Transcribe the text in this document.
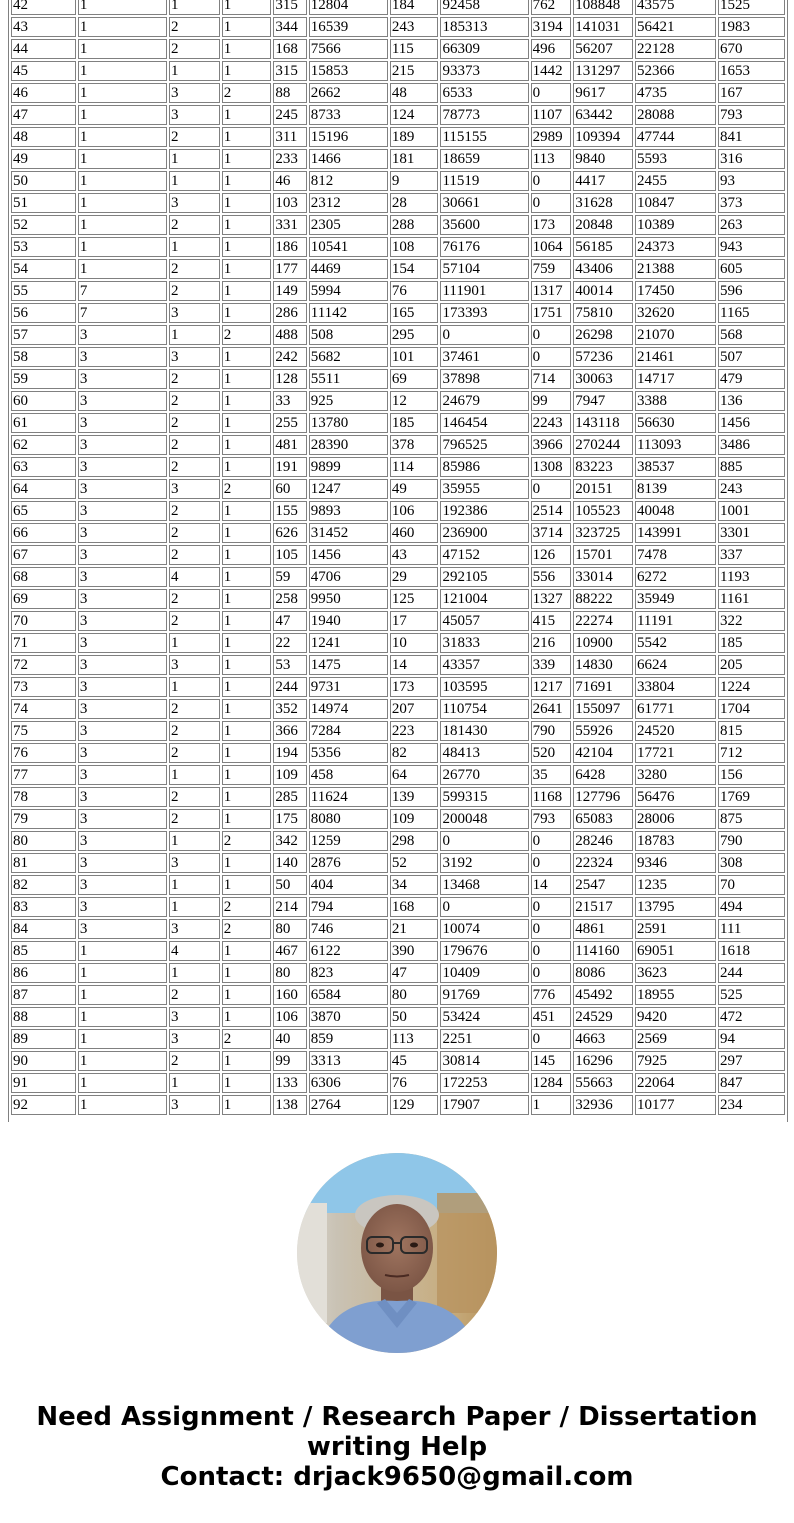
42	1	1	1	315	12804	184	92458	762	108848	43575	1525
43	1	2	1	344	16539	243	185313	3194	141031	56421	1983
44	1	2	1	168	7566	115	66309	496	56207	22128	670
45	1	1	1	315	15853	215	93373	1442	131297	52366	1653
46	1	3	2	88	2662	48	6533	0	9617	4735	167
47	1	3	1	245	8733	124	78773	1107	63442	28088	793
48	1	2	1	311	15196	189	115155	2989	109394	47744	841
49	1	1	1	233	1466	181	18659	113	9840	5593	316
50	1	1	1	46	812	9	11519	0	4417	2455	93
51	1	3	1	103	2312	28	30661	0	31628	10847	373
52	1	2	1	331	2305	288	35600	173	20848	10389	263
53	1	1	1	186	10541	108	76176	1064	56185	24373	943
54	1	2	1	177	4469	154	57104	759	43406	21388	605
55	7	2	1	149	5994	76	111901	1317	40014	17450	596
56	7	3	1	286	11142	165	173393	1751	75810	32620	1165
57	3	1	2	488	508	295	0	0	26298	21070	568
58	3	3	1	242	5682	101	37461	0	57236	21461	507
59	3	2	1	128	5511	69	37898	714	30063	14717	479
60	3	2	1	33	925	12	24679	99	7947	3388	136
61	3	2	1	255	13780	185	146454	2243	143118	56630	1456
62	3	2	1	481	28390	378	796525	3966	270244	113093	3486
63	3	2	1	191	9899	114	85986	1308	83223	38537	885
64	3	3	2	60	1247	49	35955	0	20151	8139	243
65	3	2	1	155	9893	106	192386	2514	105523	40048	1001
66	3	2	1	626	31452	460	236900	3714	323725	143991	3301
67	3	2	1	105	1456	43	47152	126	15701	7478	337
68	3	4	1	59	4706	29	292105	556	33014	6272	1193
69	3	2	1	258	9950	125	121004	1327	88222	35949	1161
70	3	2	1	47	1940	17	45057	415	22274	11191	322
71	3	1	1	22	1241	10	31833	216	10900	5542	185
72	3	3	1	53	1475	14	43357	339	14830	6624	205
73	3	1	1	244	9731	173	103595	1217	71691	33804	1224
74	3	2	1	352	14974	207	110754	2641	155097	61771	1704
75	3	2	1	366	7284	223	181430	790	55926	24520	815
76	3	2	1	194	5356	82	48413	520	42104	17721	712
77	3	1	1	109	458	64	26770	35	6428	3280	156
78	3	2	1	285	11624	139	599315	1168	127796	56476	1769
79	3	2	1	175	8080	109	200048	793	65083	28006	875
80	3	1	2	342	1259	298	0	0	28246	18783	790
81	3	3	1	140	2876	52	3192	0	22324	9346	308
82	3	1	1	50	404	34	13468	14	2547	1235	70
83	3	1	2	214	794	168	0	0	21517	13795	494
84	3	3	2	80	746	21	10074	0	4861	2591	111
85	1	4	1	467	6122	390	179676	0	114160	69051	1618
86	1	1	1	80	823	47	10409	0	8086	3623	244
87	1	2	1	160	6584	80	91769	776	45492	18955	525
88	1	3	1	106	3870	50	53424	451	24529	9420	472
89	1	3	2	40	859	113	2251	0	4663	2569	94
90	1	2	1	99	3313	45	30814	145	16296	7925	297
91	1	1	1	133	6306	76	172253	1284	55663	22064	847
92	1	3	1	138	2764	129	17907	1	32936	10177	234
Need Assignment / Research Paper / Dissertation
writing Help
Contact: drjack9650@gmail.com
